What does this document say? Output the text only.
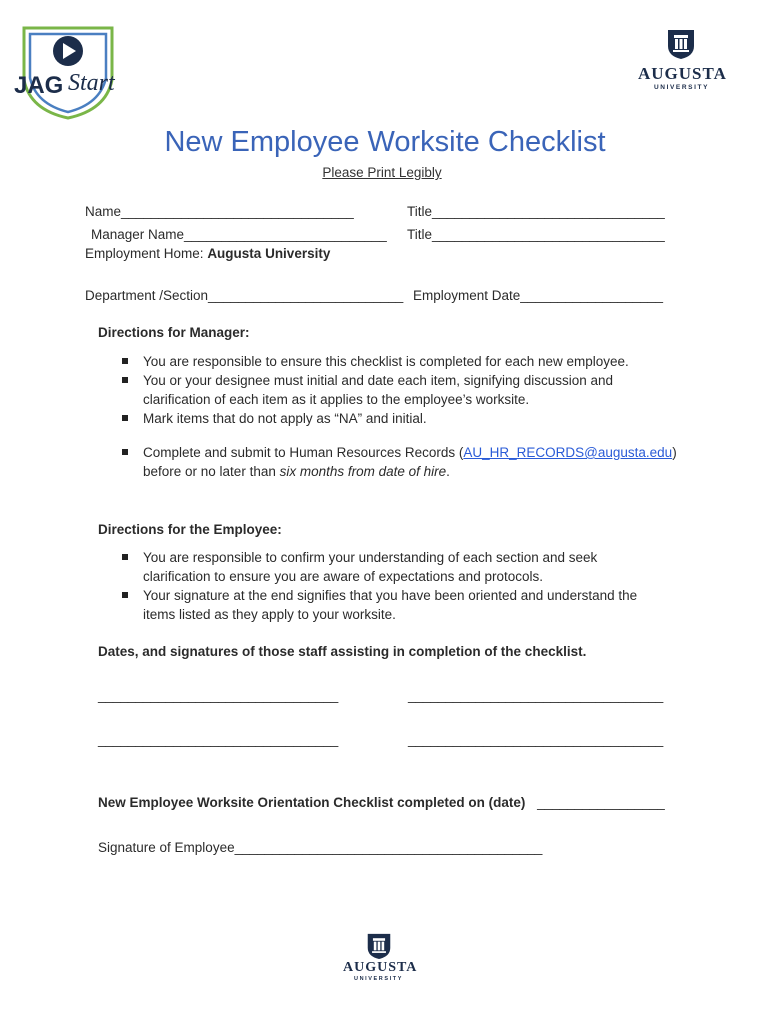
JAG Start	AUGUSTA
UNIVERSITY
New Employee Worksite Checklist
Please Print Legibly
Name_______________________________	Title_______________________________
Manager Name___________________________ Title_______________________________
Employment Home: Augusta University
Department /Section__________________________ Employment Date___________________
Directions for Manager:
You are responsible to ensure this checklist is completed for each new employee.
You or your designee must initial and date each item, signifying discussion and
clarification of each item as it applies to the employee’s worksite.
Mark items that do not apply as “NA” and initial.
Complete and submit to Human Resources Records (AU_HR_RECORDS@augusta.edu)
before or no later than six months from date of hire.
Directions for the Employee:
You are responsible to confirm your understanding of each section and seek
clarification to ensure you are aware of expectations and protocols.
Your signature at the end signifies that you have been oriented and understand the
items listed as they apply to your worksite.
Dates, and signatures of those staff assisting in completion of the checklist.
________________________________	__________________________________
________________________________	__________________________________
New Employee Worksite Orientation Checklist completed on (date) _________________
Signature of Employee_________________________________________
AUGUSTA
UNIVERSITY
